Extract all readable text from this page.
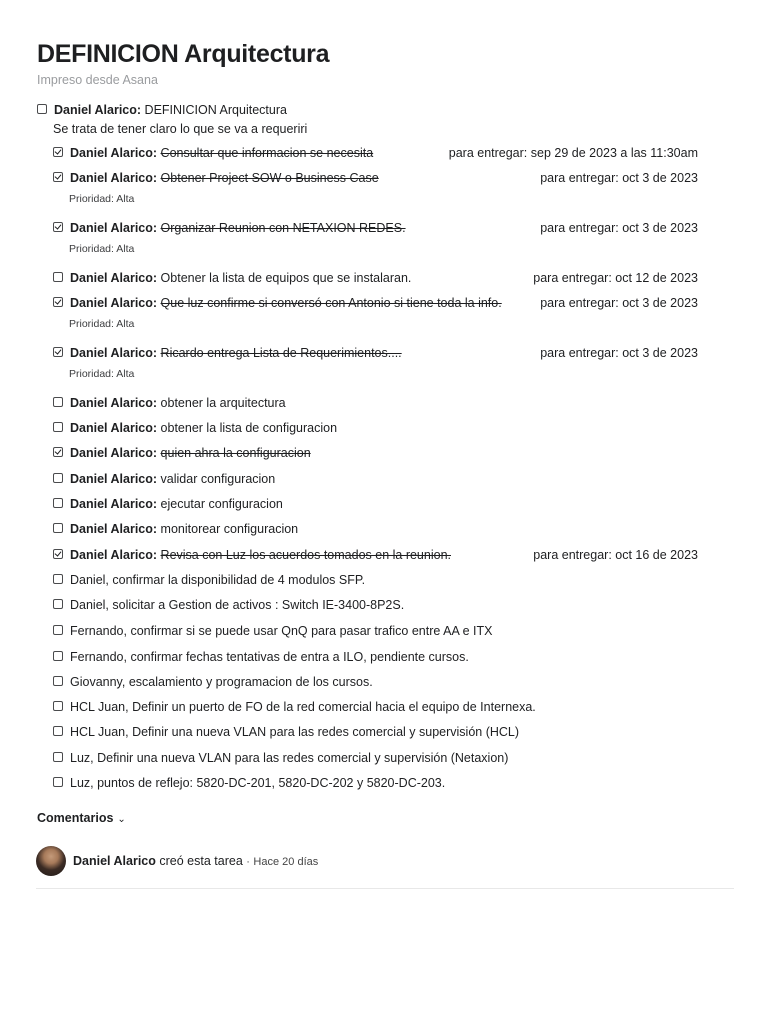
DEFINICION Arquitectura
Impreso desde Asana
Daniel Alarico: DEFINICION Arquitectura
Se trata de tener claro lo que se va a requeriri
Daniel Alarico: Consultar que informacion se necesita	para entregar: sep 29 de 2023 a las 11:30am
Daniel Alarico: Obtener Project SOW o Business Case	para entregar: oct 3 de 2023
Prioridad: Alta
Daniel Alarico: Organizar Reunion con NETAXION REDES.	para entregar: oct 3 de 2023
Prioridad: Alta
Daniel Alarico: Obtener la lista de equipos que se instalaran.	para entregar: oct 12 de 2023
Daniel Alarico: Que luz confirme si conversó con Antonio si tiene toda la info.	para entregar: oct 3 de 2023
Prioridad: Alta
Daniel Alarico: Ricardo entrega Lista de Requerimientos....	para entregar: oct 3 de 2023
Prioridad: Alta
Daniel Alarico: obtener la arquitectura
Daniel Alarico: obtener la lista de configuracion
Daniel Alarico: quien ahra la configuracion
Daniel Alarico: validar configuracion
Daniel Alarico: ejecutar configuracion
Daniel Alarico: monitorear configuracion
Daniel Alarico: Revisa con Luz los acuerdos tomados en la reunion.	para entregar: oct 16 de 2023
Daniel, confirmar la disponibilidad de 4 modulos SFP.
Daniel, solicitar a Gestion de activos : Switch IE-3400-8P2S.
Fernando, confirmar si se puede usar QnQ para pasar trafico entre AA e ITX
Fernando, confirmar fechas tentativas de entra a ILO, pendiente cursos.
Giovanny, escalamiento y programacion de los cursos.
HCL Juan, Definir un puerto de FO de la red comercial hacia el equipo de Internexa.
HCL Juan, Definir una nueva VLAN para las redes comercial y supervisión (HCL)
Luz, Definir una nueva VLAN para las redes comercial y supervisión (Netaxion)
Luz, puntos de reflejo: 5820-DC-201, 5820-DC-202 y 5820-DC-203.
Comentarios ⌄
Daniel Alarico creó esta tarea · Hace 20 días
